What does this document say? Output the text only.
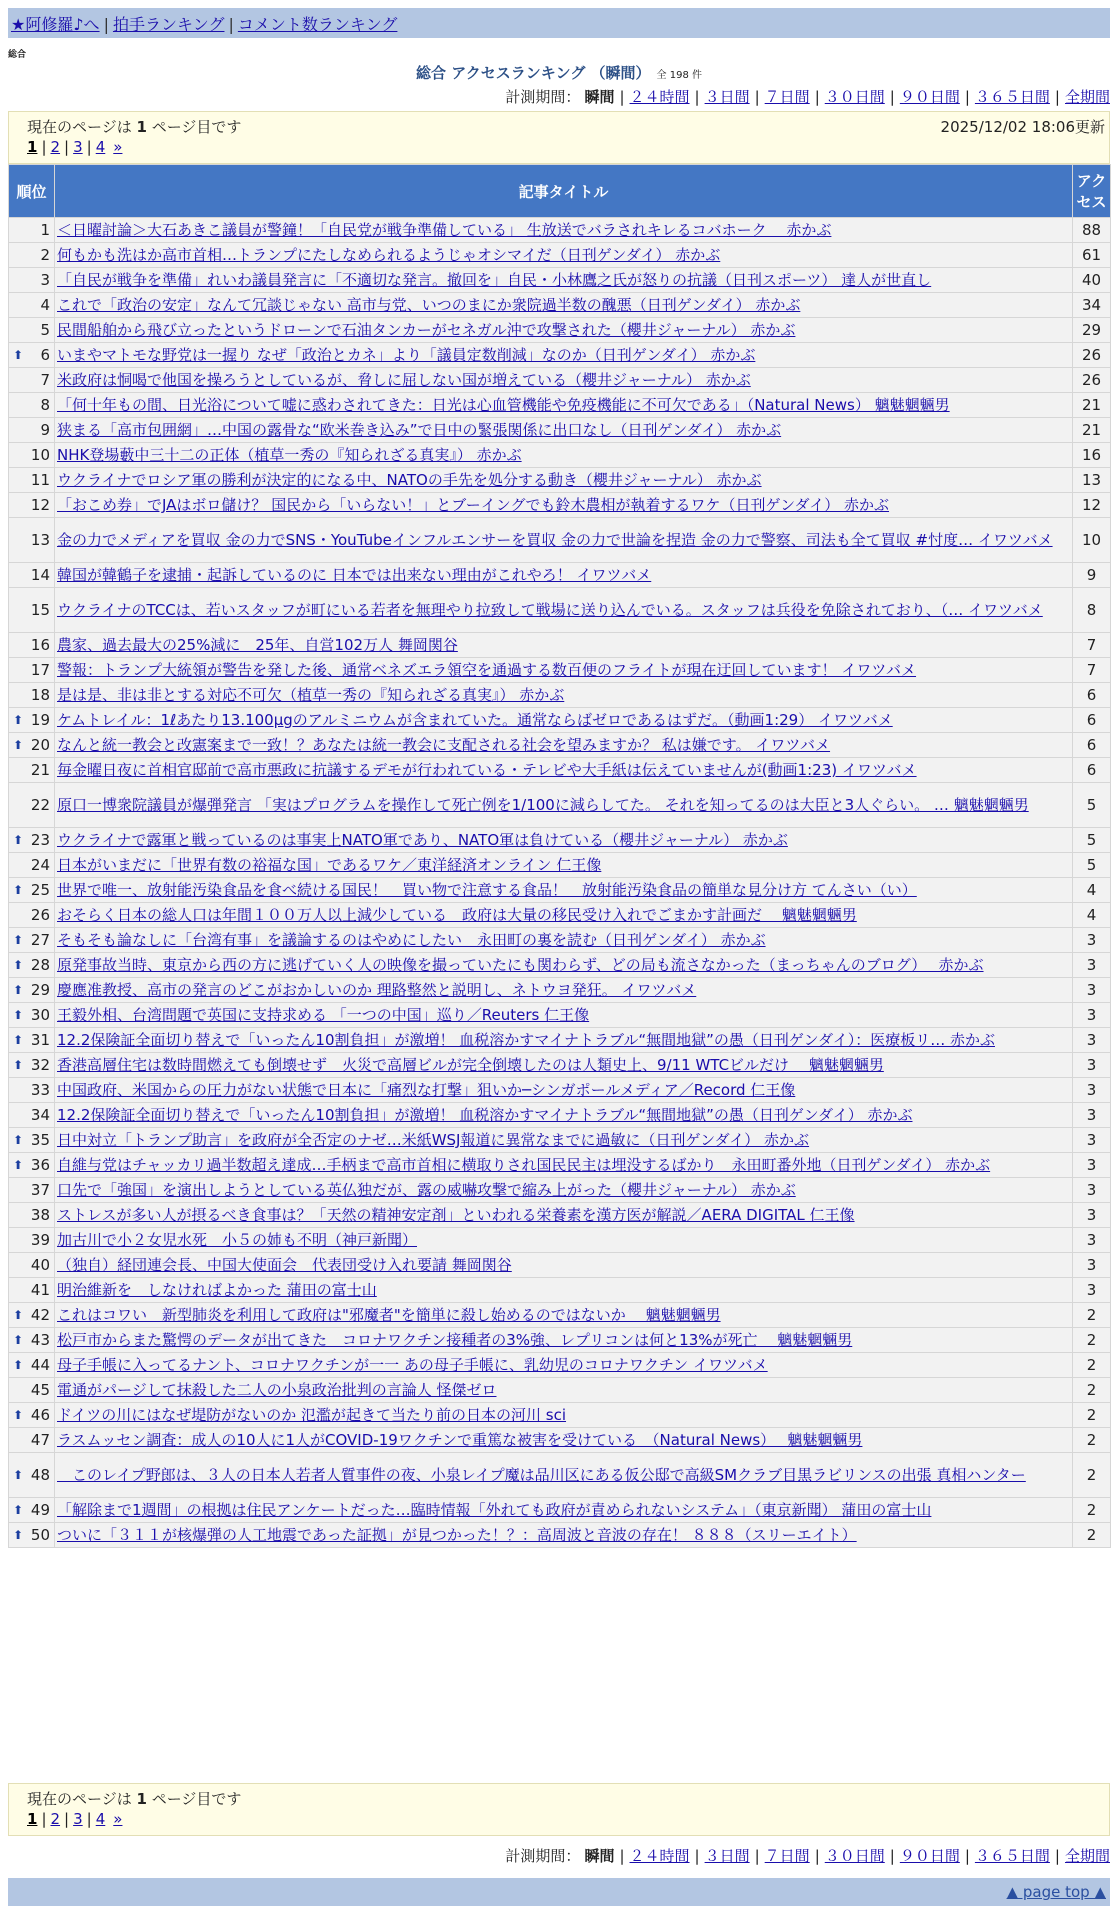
★阿修羅♪へ | 拍手ランキング | コメント数ランキング
総合
総合 アクセスランキング （瞬間） 全 198 件
計測期間： 瞬間 | ２４時間 | ３日間 | ７日間 | ３０日間 | ９０日間 | ３６５日間 | 全期間
現在のページは 1 ページ目です	2025/12/02 18:06更新
1 | 2 | 3 | 4 »
順位	記事タイトル	アクセス
1	＜日曜討論＞大石あきこ議員が警鐘！「自民党が戦争準備している」 生放送でバラされキレるコバホーク　 赤かぶ	88
2	何もかも洗はか高市首相…トランプにたしなめられるようじゃオシマイだ（日刊ゲンダイ） 赤かぶ	61
3	「自民が戦争を準備」れいわ議員発言に「不適切な発言。撤回を」自民・小林鷹之氏が怒りの抗議（日刊スポーツ） 達人が世直し	40
4	これで「政治の安定」なんて冗談じゃない 高市与党、いつのまにか衆院過半数の醜悪（日刊ゲンダイ） 赤かぶ	34
5	民間船舶から飛び立ったというドローンで石油タンカーがセネガル沖で攻撃された（櫻井ジャーナル） 赤かぶ	29

⬆ 6	いまやマトモな野党は一握り なぜ「政治とカネ」より「議員定数削減」なのか（日刊ゲンダイ） 赤かぶ	26
7	米政府は恫喝で他国を操ろうとしているが、脅しに屈しない国が増えている（櫻井ジャーナル） 赤かぶ	26
8	「何十年もの間、日光浴について嘘に惑わされてきた：日光は心血管機能や免疫機能に不可欠である」（Natural News） 魑魅魍魎男	21
9	狭まる「高市包囲網」…中国の露骨な“欧米巻き込み”で日中の緊張関係に出口なし（日刊ゲンダイ） 赤かぶ	21
10	NHK登場藪中三十二の正体（植草一秀の『知られざる真実』） 赤かぶ	16
11	ウクライナでロシア軍の勝利が決定的になる中、NATOの手先を処分する動き（櫻井ジャーナル） 赤かぶ	13
12	「おこめ券」でJAはボロ儲け？ 国民から「いらない！」とブーイングでも鈴木農相が執着するワケ（日刊ゲンダイ） 赤かぶ	12
13	金の力でメディアを買収 金の力でSNS・YouTubeインフルエンサーを買収 金の力で世論を捏造 金の力で警察、司法も全て買収 #忖度… イワツバメ	10
14	韓国が韓鶴子を逮捕・起訴しているのに 日本では出来ない理由がこれやろ！ イワツバメ	9
15	ウクライナのTCCは、若いスタッフが町にいる若者を無理やり拉致して戦場に送り込んでいる。スタッフは兵役を免除されており、（… イワツバメ	8
16	農家、過去最大の25%減に　25年、自営102万人 舞岡関谷	7
17	警報：トランプ大統領が警告を発した後、通常ベネズエラ領空を通過する数百便のフライトが現在迂回しています！ イワツバメ	7
18	是は是、非は非とする対応不可欠（植草一秀の『知られざる真実』） 赤かぶ	6

⬆ 19	ケムトレイル：1ℓあたり13.100μgのアルミニウムが含まれていた。通常ならばゼロであるはずだ。（動画1:29） イワツバメ	6

⬆ 20	なんと統一教会と改憲案まで一致！？あなたは統一教会に支配される社会を望みますか？ 私は嫌です。 イワツバメ	6
21	毎金曜日夜に首相官邸前で高市悪政に抗議するデモが行われている・テレビや大手紙は伝えていませんが(動画1:23) イワツバメ	6
22	原口一博衆院議員が爆弾発言 「実はプログラムを操作して死亡例を1/100に減らしてた。 それを知ってるのは大臣と3人ぐらい。 … 魑魅魍魎男	5

⬆ 23	ウクライナで露軍と戦っているのは事実上NATO軍であり、NATO軍は負けている（櫻井ジャーナル） 赤かぶ	5
24	日本がいまだに「世界有数の裕福な国」であるワケ／東洋経済オンライン 仁王像	5

⬆ 25	世界で唯一、放射能汚染食品を食べ続ける国民！　買い物で注意する食品！　放射能汚染食品の簡単な見分け方 てんさい（い）	4
26	おそらく日本の総人口は年間１００万人以上減少している　政府は大量の移民受け入れでごまかす計画だ　 魑魅魍魎男	4

⬆ 27	そもそも論なしに「台湾有事」を議論するのはやめにしたい　永田町の裏を読む（日刊ゲンダイ） 赤かぶ	3

⬆ 28	原発事故当時、東京から西の方に逃げていく人の映像を撮っていたにも関わらず、どの局も流さなかった（まっちゃんのブログ）　 赤かぶ	3

⬆ 29	慶應准教授、高市の発言のどこがおかしいのか 理路整然と説明し、ネトウヨ発狂。 イワツバメ	3

⬆ 30	王毅外相、台湾問題で英国に支持求める 「一つの中国」巡り／Reuters 仁王像	3

⬆ 31	12.2保険証全面切り替えで「いったん10割負担」が激増！ 血税溶かすマイナトラブル“無間地獄”の愚（日刊ゲンダイ）：医療板リ… 赤かぶ	3

⬆ 32	香港高層住宅は数時間燃えても倒壊せず　火災で高層ビルが完全倒壊したのは人類史上、9/11 WTCビルだけ　 魑魅魍魎男	3
33	中国政府、米国からの圧力がない状態で日本に「痛烈な打撃」狙いか─シンガポールメディア／Record 仁王像	3
34	12.2保険証全面切り替えで「いったん10割負担」が激増！ 血税溶かすマイナトラブル“無間地獄”の愚（日刊ゲンダイ） 赤かぶ	3

⬆ 35	日中対立「トランプ助言」を政府が全否定のナゼ…米紙WSJ報道に異常なまでに過敏に（日刊ゲンダイ） 赤かぶ	3

⬆ 36	自維与党はチャッカリ過半数超え達成…手柄まで高市首相に横取りされ国民民主は埋没するばかり　永田町番外地（日刊ゲンダイ） 赤かぶ	3
37	口先で「強国」を演出しようとしている英仏独だが、露の威嚇攻撃で縮み上がった（櫻井ジャーナル） 赤かぶ	3
38	ストレスが多い人が摂るべき食事は？「天然の精神安定剤」といわれる栄養素を漢方医が解説／AERA DIGITAL 仁王像	3
39	加古川で小２女児水死　小５の姉も不明（神戸新聞）	3
40	（独自）経団連会長、中国大使面会　代表団受け入れ要請 舞岡関谷	3
41	明治維新を　しなければよかった 蒲田の富士山	3

⬆ 42	これはコワい　新型肺炎を利用して政府は"邪魔者"を簡単に殺し始めるのではないか　 魑魅魍魎男	2

⬆ 43	松戸市からまた驚愕のデータが出てきた　コロナワクチン接種者の3%強、レプリコンは何と13%が死亡　 魑魅魍魎男	2

⬆ 44	母子手帳に入ってるナント、コロナワクチンが一一 あの母子手帳に、乳幼児のコロナワクチン イワツバメ	2
45	電通がパージして抹殺した二人の小泉政治批判の言論人 怪傑ゼロ	2

⬆ 46	ドイツの川にはなぜ堤防がないのか 氾濫が起きて当たり前の日本の河川 sci	2
47	ラスムッセン調査：成人の10人に1人がCOVID-19ワクチンで重篤な被害を受けている　（Natural News）　 魑魅魍魎男	2

⬆ 48	　このレイプ野郎は、３人の日本人若者人質事件の夜、小泉レイプ魔は品川区にある仮公邸で高級SMクラブ目黒ラビリンスの出張 真相ハンター	2

⬆ 49	「解除まで1週間」の根拠は住民アンケートだった…臨時情報「外れても政府が責められないシステム」（東京新聞） 蒲田の富士山	2

⬆ 50	ついに「３１１が核爆弾の人工地震であった証拠」が見つかった！？：高周波と音波の存在！ ８８８（スリーエイト）	2
現在のページは 1 ページ目です
1 | 2 | 3 | 4 »
計測期間： 瞬間 | ２４時間 | ３日間 | ７日間 | ３０日間 | ９０日間 | ３６５日間 | 全期間
▲ page top ▲
